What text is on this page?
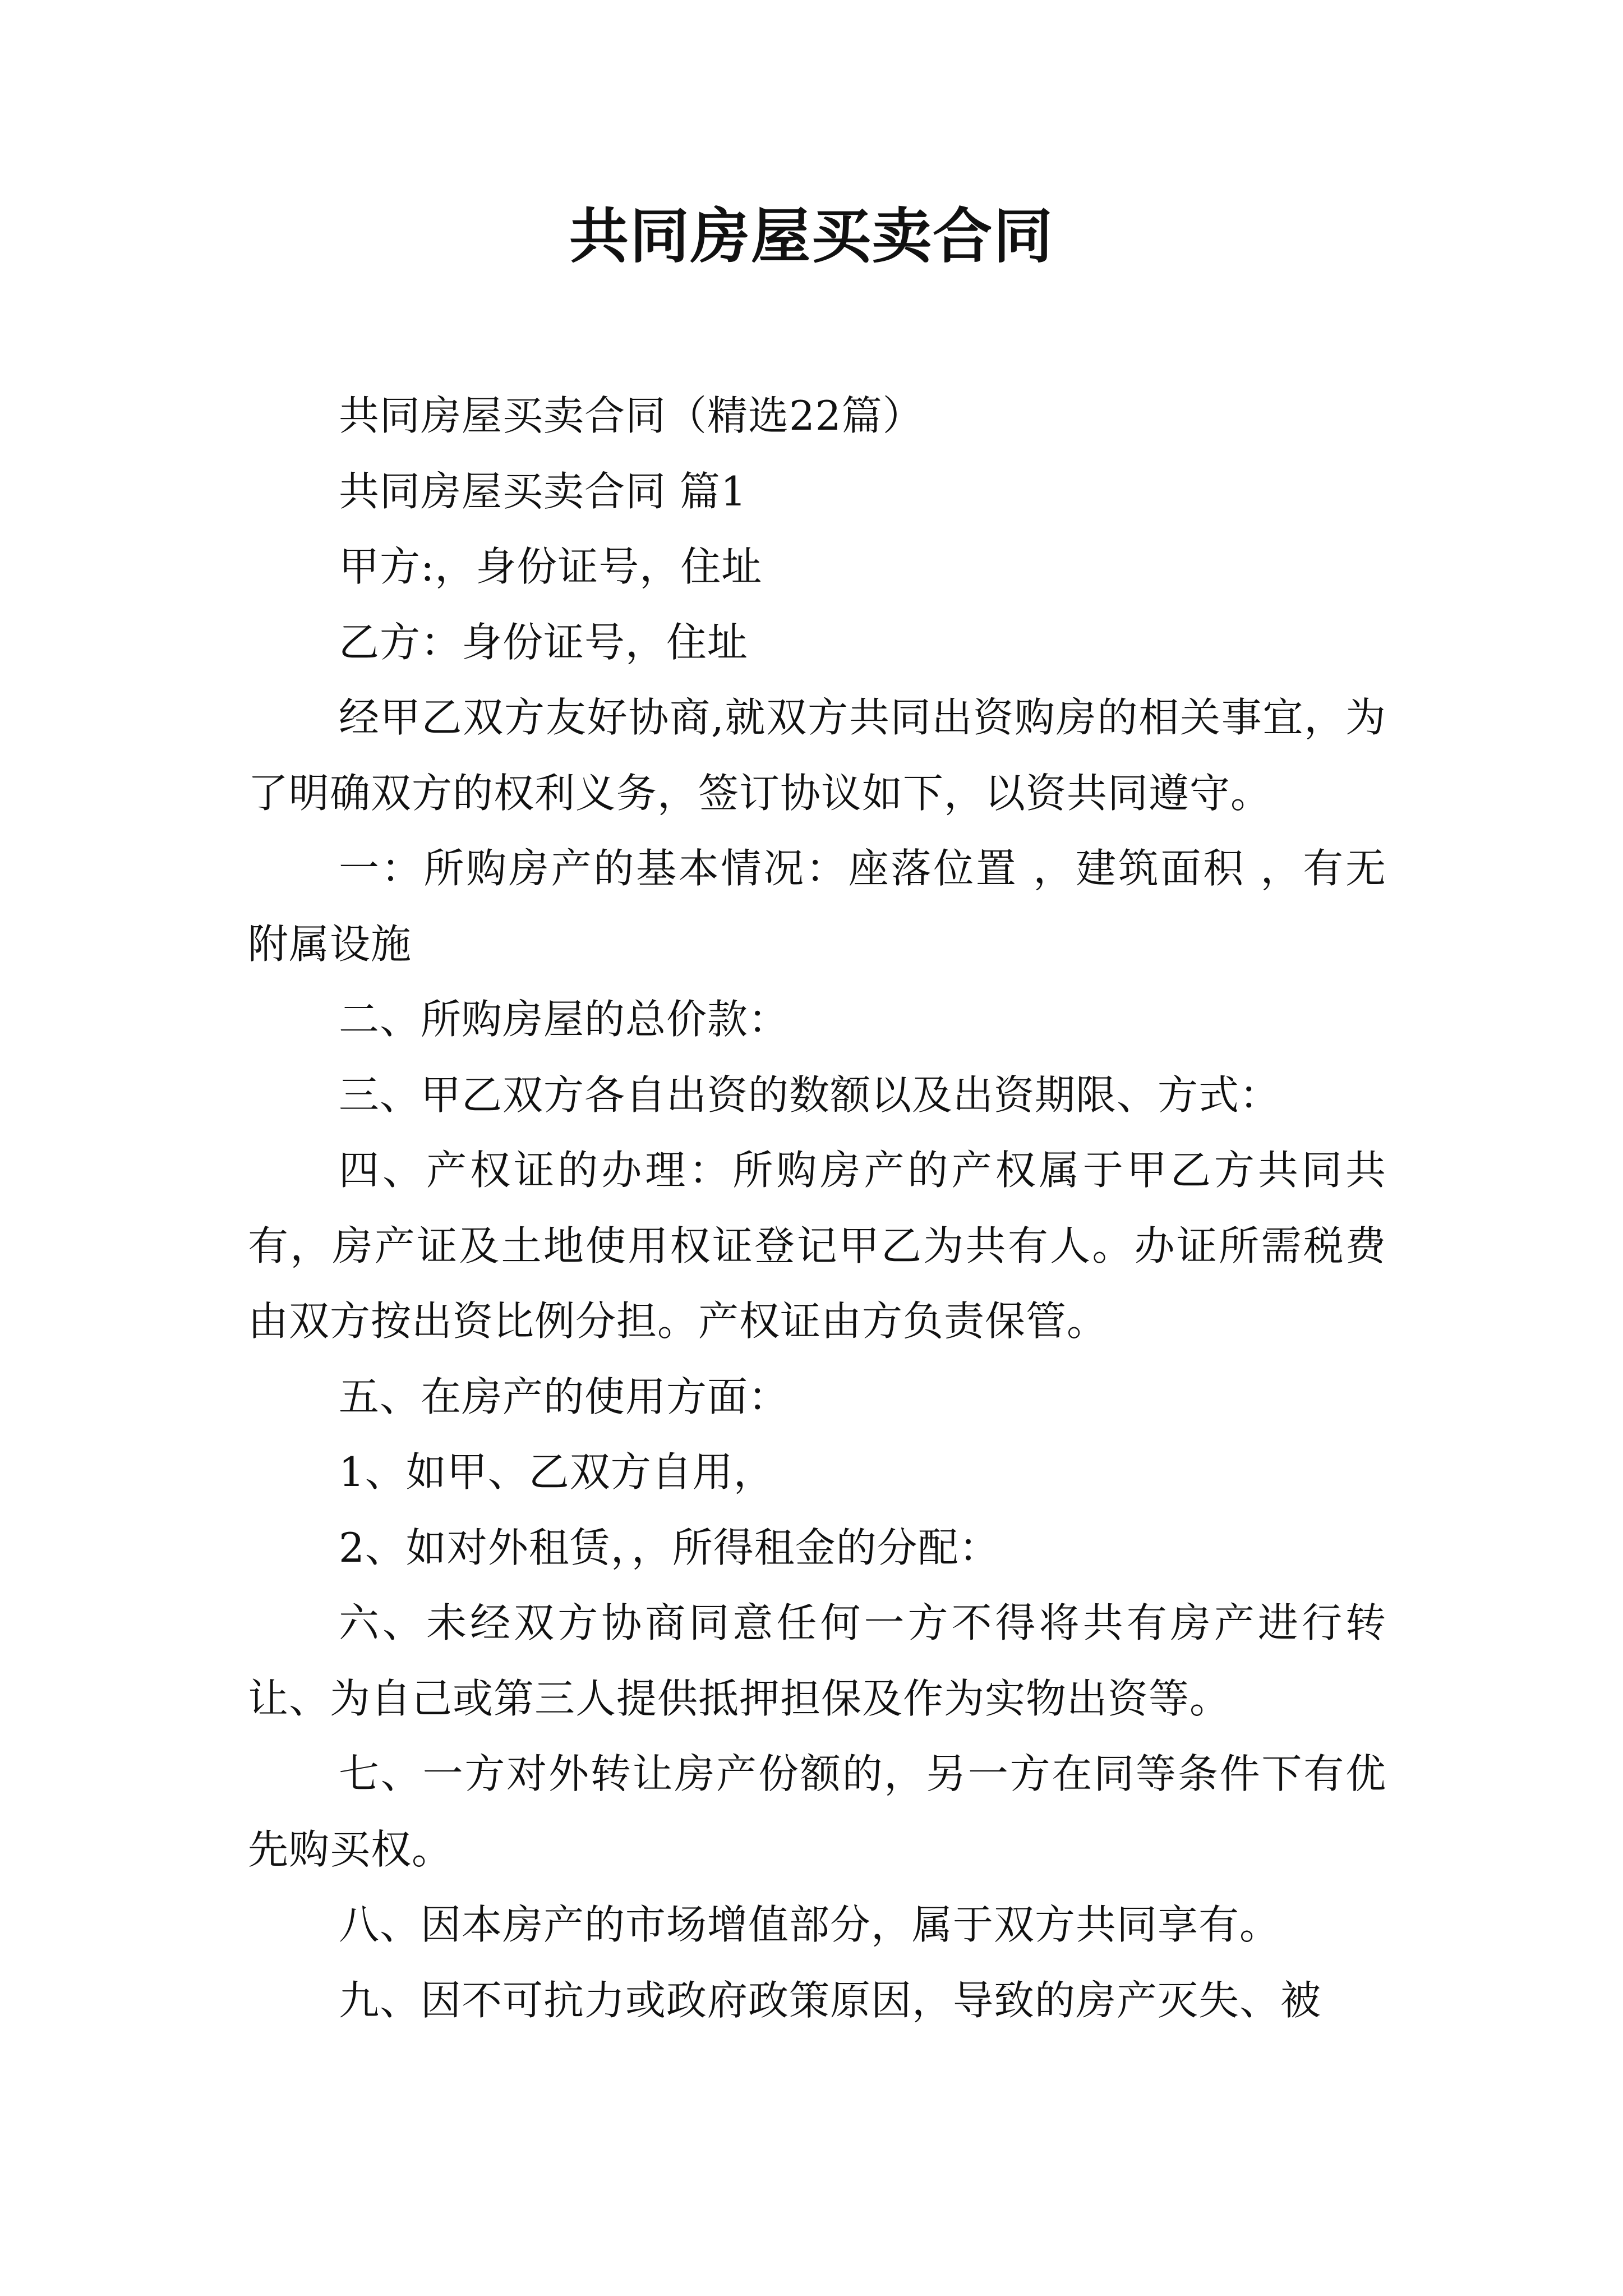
共同房屋买卖合同

共同房屋买卖合同（精选22篇）

共同房屋买卖合同 篇1

甲方:，身份证号，住址

乙方：身份证号，住址

经甲乙双方友好协商,就双方共同出资购房的相关事宜，为了明确双方的权利义务，签订协议如下，以资共同遵守。

一：所购房产的基本情况：座落位置 ，建筑面积 ，有无附属设施

二、所购房屋的总价款：

三、甲乙双方各自出资的数额以及出资期限、方式：

四、产权证的办理：所购房产的产权属于甲乙方共同共有，房产证及土地使用权证登记甲乙为共有人。办证所需税费由双方按出资比例分担。产权证由方负责保管。

五、在房产的使用方面：

1、如甲、乙双方自用，

2、如对外租赁，，所得租金的分配：

六、未经双方协商同意任何一方不得将共有房产进行转让、为自己或第三人提供抵押担保及作为实物出资等。

七、一方对外转让房产份额的，另一方在同等条件下有优先购买权。

八、因本房产的市场增值部分，属于双方共同享有。

九、因不可抗力或政府政策原因，导致的房产灭失、被
